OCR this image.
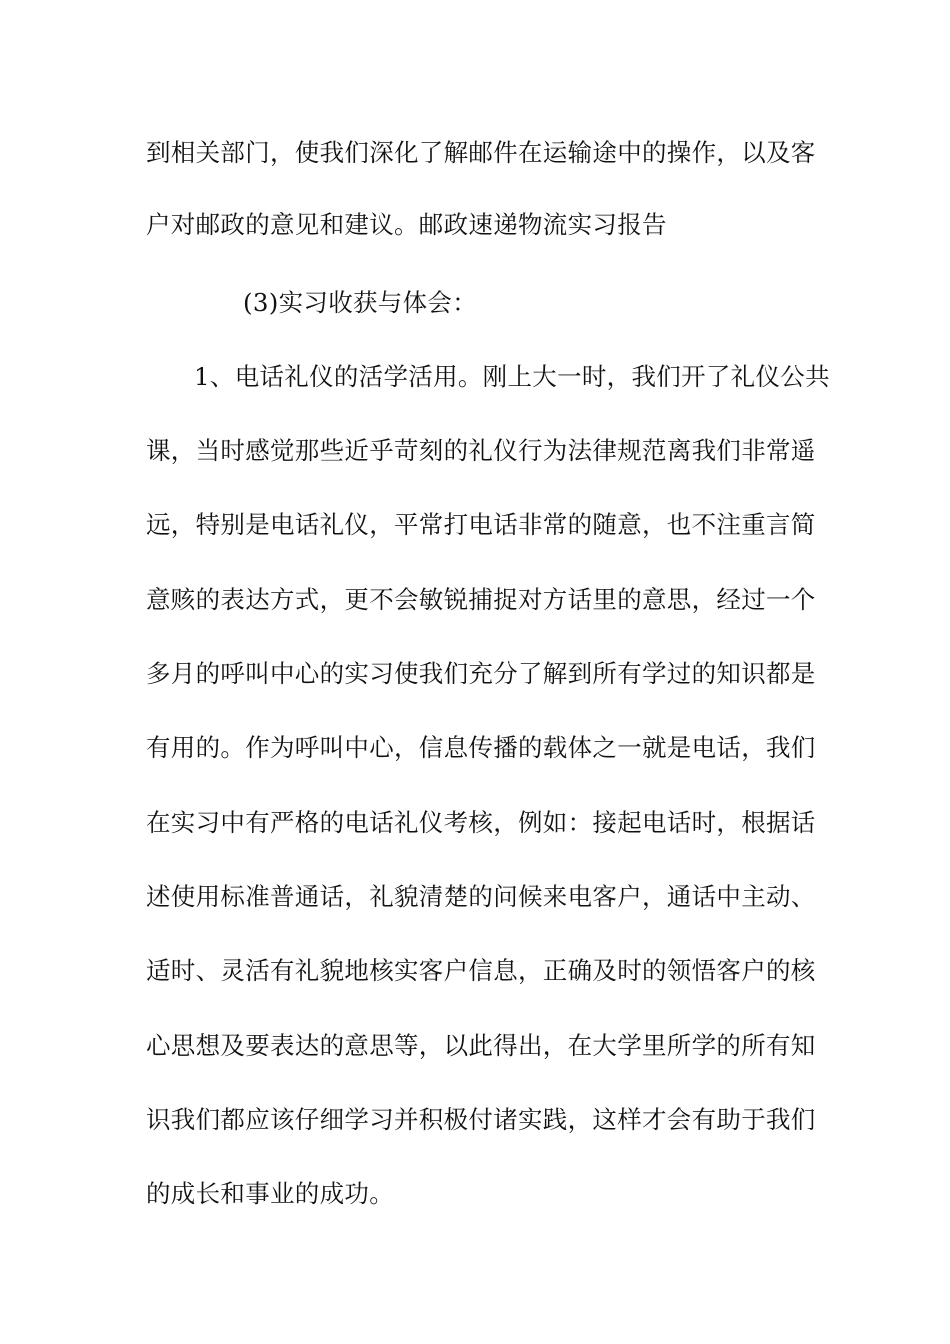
到相关部门，使我们深化了解邮件在运输途中的操作，以及客
户对邮政的意见和建议。邮政速递物流实习报告
(3)实习收获与体会：
1、电话礼仪的活学活用。刚上大一时，我们开了礼仪公共
课，当时感觉那些近乎苛刻的礼仪行为法律规范离我们非常遥
远，特别是电话礼仪，平常打电话非常的随意，也不注重言简
意赅的表达方式，更不会敏锐捕捉对方话里的意思，经过一个
多月的呼叫中心的实习使我们充分了解到所有学过的知识都是
有用的。作为呼叫中心，信息传播的载体之一就是电话，我们
在实习中有严格的电话礼仪考核，例如：接起电话时，根据话
述使用标准普通话，礼貌清楚的问候来电客户，通话中主动、
适时、灵活有礼貌地核实客户信息，正确及时的领悟客户的核
心思想及要表达的意思等，以此得出，在大学里所学的所有知
识我们都应该仔细学习并积极付诸实践，这样才会有助于我们
的成长和事业的成功。
